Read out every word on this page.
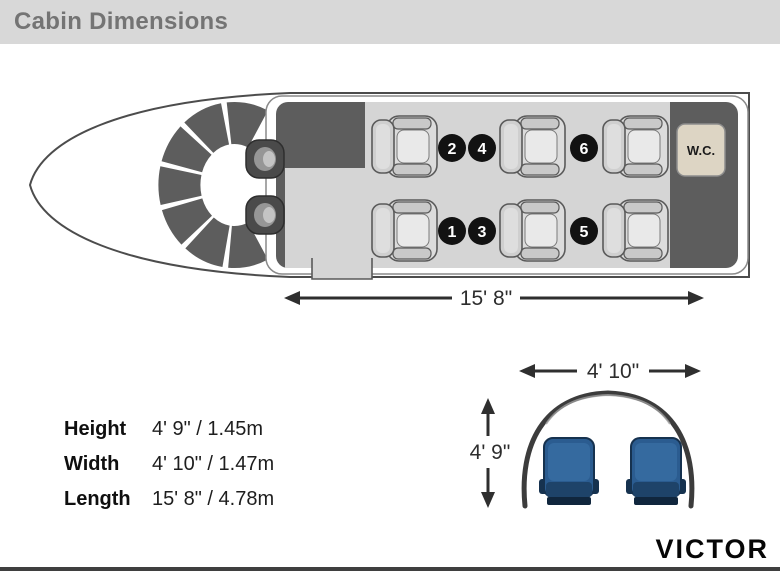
Cabin Dimensions
W.C.
2 4	6
1 3	5
15' 8"
4' 10"
4' 9"
Height	4' 9" / 1.45m
Width	4' 10" / 1.47m
Length	15' 8" / 4.78m
VICTOR
